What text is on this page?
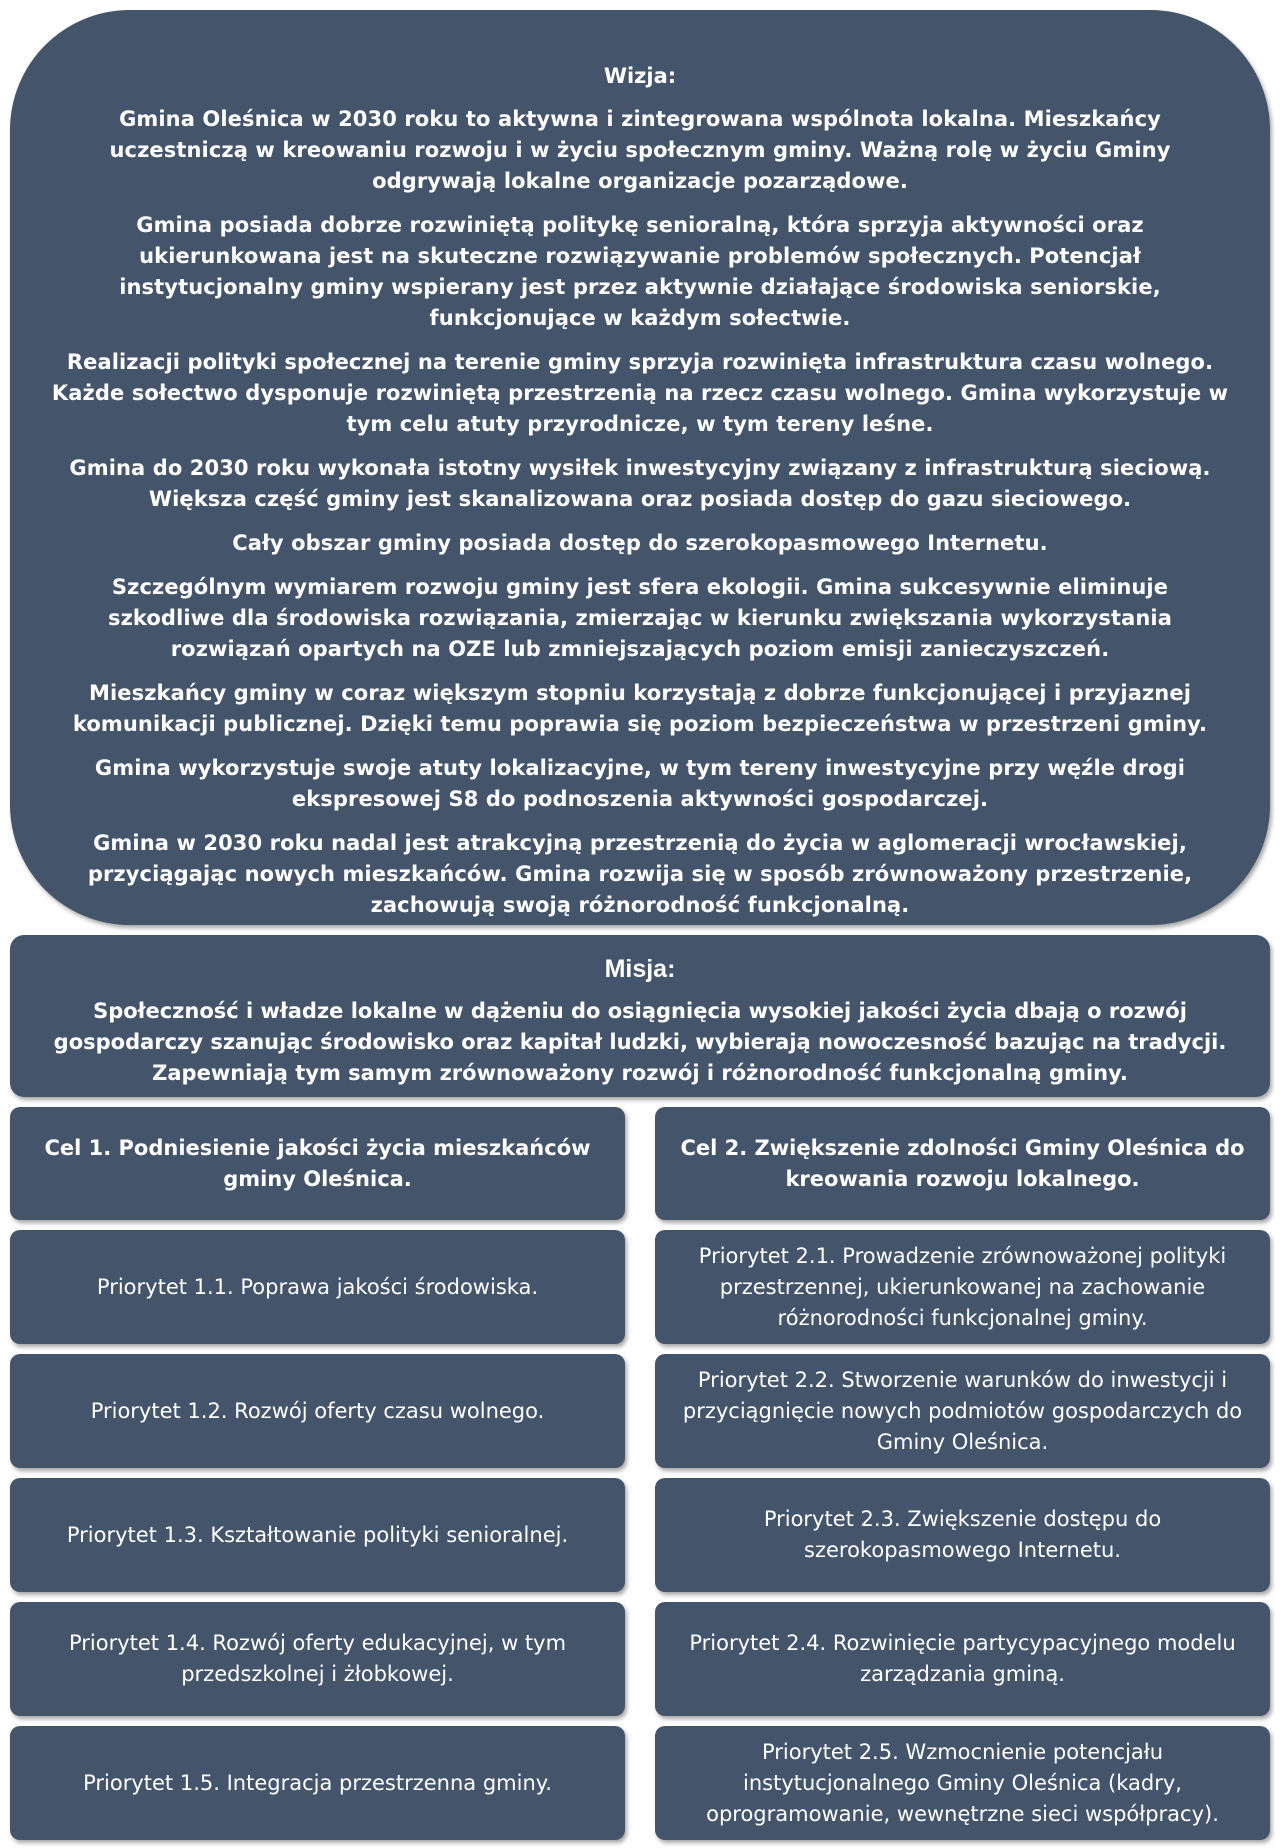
Wizja:

Gmina Oleśnica w 2030 roku to aktywna i zintegrowana wspólnota lokalna. Mieszkańcy uczestniczą w kreowaniu rozwoju i w życiu społecznym gminy. Ważną rolę w życiu Gminy odgrywają lokalne organizacje pozarządowe.

Gmina posiada dobrze rozwiniętą politykę senioralną, która sprzyja aktywności oraz ukierunkowana jest na skuteczne rozwiązywanie problemów społecznych. Potencjał instytucjonalny gminy wspierany jest przez aktywnie działające środowiska seniorskie, funkcjonujące w każdym sołectwie.

Realizacji polityki społecznej na terenie gminy sprzyja rozwinięta infrastruktura czasu wolnego. Każde sołectwo dysponuje rozwiniętą przestrzenią na rzecz czasu wolnego. Gmina wykorzystuje w tym celu atuty przyrodnicze, w tym tereny leśne.

Gmina do 2030 roku wykonała istotny wysiłek inwestycyjny związany z infrastrukturą sieciową. Większa część gminy jest skanalizowana oraz posiada dostęp do gazu sieciowego.

Cały obszar gminy posiada dostęp do szerokopasmowego Internetu.

Szczególnym wymiarem rozwoju gminy jest sfera ekologii. Gmina sukcesywnie eliminuje szkodliwe dla środowiska rozwiązania, zmierzając w kierunku zwiększania wykorzystania rozwiązań opartych na OZE lub zmniejszających poziom emisji zanieczyszczeń.

Mieszkańcy gminy w coraz większym stopniu korzystają z dobrze funkcjonującej i przyjaznej komunikacji publicznej. Dzięki temu poprawia się poziom bezpieczeństwa w przestrzeni gminy.

Gmina wykorzystuje swoje atuty lokalizacyjne, w tym tereny inwestycyjne przy węźle drogi ekspresowej S8 do podnoszenia aktywności gospodarczej.

Gmina w 2030 roku nadal jest atrakcyjną przestrzenią do życia w aglomeracji wrocławskiej, przyciągając nowych mieszkańców. Gmina rozwija się w sposób zrównoważony przestrzenie, zachowują swoją różnorodność funkcjonalną.

Misja:

Społeczność i władze lokalne w dążeniu do osiągnięcia wysokiej jakości życia dbają o rozwój gospodarczy szanując środowisko oraz kapitał ludzki, wybierają nowoczesność bazując na tradycji. Zapewniają tym samym zrównoważony rozwój i różnorodność funkcjonalną gminy.

Cel 1. Podniesienie jakości życia mieszkańców gminy Oleśnica.
Priorytet 1.1. Poprawa jakości środowiska.
Priorytet 1.2. Rozwój oferty czasu wolnego.
Priorytet 1.3. Kształtowanie polityki senioralnej.
Priorytet 1.4. Rozwój oferty edukacyjnej, w tym przedszkolnej i żłobkowej.
Priorytet 1.5. Integracja przestrzenna gminy.
Cel 2. Zwiększenie zdolności Gminy Oleśnica do kreowania rozwoju lokalnego.
Priorytet 2.1. Prowadzenie zrównoważonej polityki przestrzennej, ukierunkowanej na zachowanie różnorodności funkcjonalnej gminy.
Priorytet 2.2. Stworzenie warunków do inwestycji i przyciągnięcie nowych podmiotów gospodarczych do Gminy Oleśnica.
Priorytet 2.3. Zwiększenie dostępu do szerokopasmowego Internetu.
Priorytet 2.4. Rozwinięcie partycypacyjnego modelu zarządzania gminą.
Priorytet 2.5. Wzmocnienie potencjału instytucjonalnego Gminy Oleśnica (kadry, oprogramowanie, wewnętrzne sieci współpracy).
